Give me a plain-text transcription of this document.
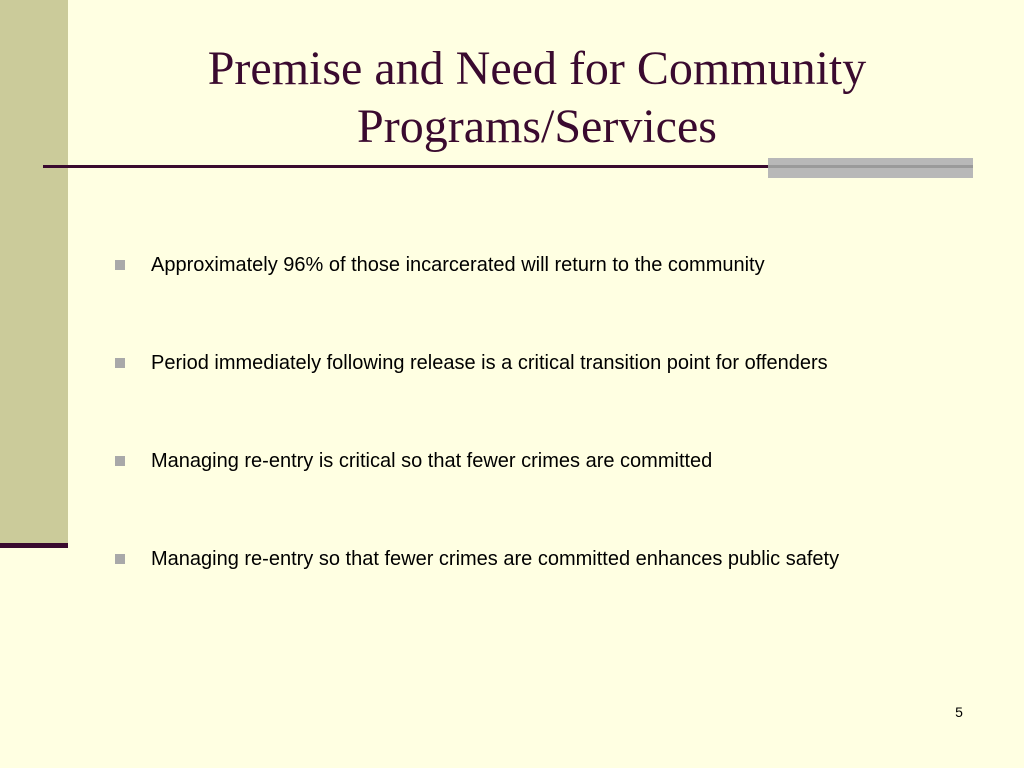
Premise and Need for Community Programs/Services
Approximately 96% of those incarcerated will return to the community
Period immediately following release is a critical transition point for offenders
Managing re-entry is critical so that fewer crimes are committed
Managing re-entry so that fewer crimes are committed enhances public safety
5
